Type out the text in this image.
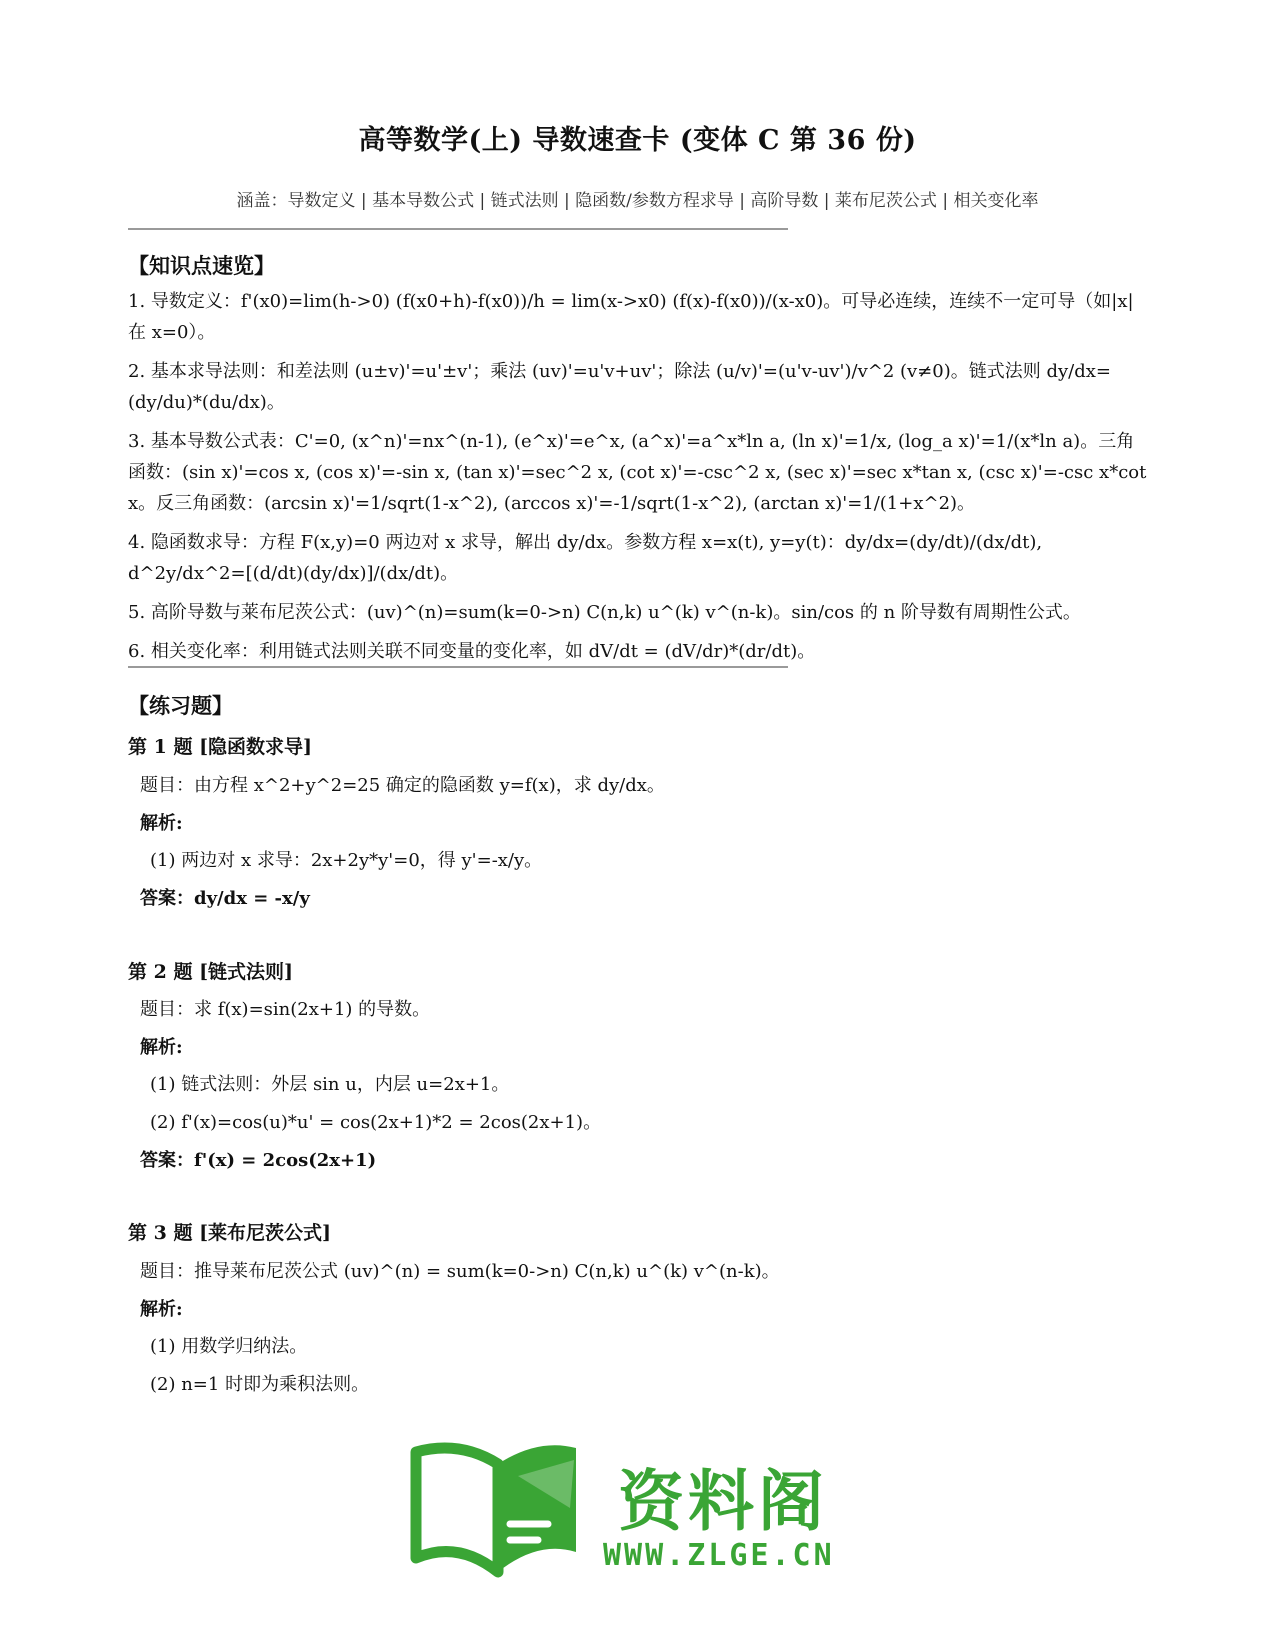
高等数学(上) 导数速查卡 (变体 C 第 36 份)
涵盖：导数定义 | 基本导数公式 | 链式法则 | 隐函数/参数方程求导 | 高阶导数 | 莱布尼茨公式 | 相关变化率
【知识点速览】

1. 导数定义：f'(x0)=lim(h->0) (f(x0+h)-f(x0))/h = lim(x->x0) (f(x)-f(x0))/(x-x0)。可导必连续，连续不一定可导（如|x|在 x=0）。

2. 基本求导法则：和差法则 (u±v)'=u'±v'；乘法 (uv)'=u'v+uv'；除法 (u/v)'=(u'v-uv')/v^2 (v≠0)。链式法则 dy/dx=(dy/du)*(du/dx)。

3. 基本导数公式表：C'=0, (x^n)'=nx^(n-1), (e^x)'=e^x, (a^x)'=a^x*ln a, (ln x)'=1/x, (log_a x)'=1/(x*ln a)。三角函数：(sin x)'=cos x, (cos x)'=-sin x, (tan x)'=sec^2 x, (cot x)'=-csc^2 x, (sec x)'=sec x*tan x, (csc x)'=-csc x*cot x。反三角函数：(arcsin x)'=1/sqrt(1-x^2), (arccos x)'=-1/sqrt(1-x^2), (arctan x)'=1/(1+x^2)。

4. 隐函数求导：方程 F(x,y)=0 两边对 x 求导，解出 dy/dx。参数方程 x=x(t), y=y(t)：dy/dx=(dy/dt)/(dx/dt), d^2y/dx^2=[(d/dt)(dy/dx)]/(dx/dt)。

5. 高阶导数与莱布尼茨公式：(uv)^(n)=sum(k=0->n) C(n,k) u^(k) v^(n-k)。sin/cos 的 n 阶导数有周期性公式。

6. 相关变化率：利用链式法则关联不同变量的变化率，如 dV/dt = (dV/dr)*(dr/dt)。

【练习题】
第 1 题 [隐函数求导]
题目：由方程 x^2+y^2=25 确定的隐函数 y=f(x)，求 dy/dx。
解析:
(1) 两边对 x 求导：2x+2y*y'=0，得 y'=-x/y。
答案：dy/dx = -x/y
第 2 题 [链式法则]
题目：求 f(x)=sin(2x+1) 的导数。
解析:
(1) 链式法则：外层 sin u，内层 u=2x+1。
(2) f'(x)=cos(u)*u' = cos(2x+1)*2 = 2cos(2x+1)。
答案：f'(x) = 2cos(2x+1)
第 3 题 [莱布尼茨公式]
题目：推导莱布尼茨公式 (uv)^(n) = sum(k=0->n) C(n,k) u^(k) v^(n-k)。
解析:
(1) 用数学归纳法。
(2) n=1 时即为乘积法则。
资料阁
WWW.ZLGE.CN
